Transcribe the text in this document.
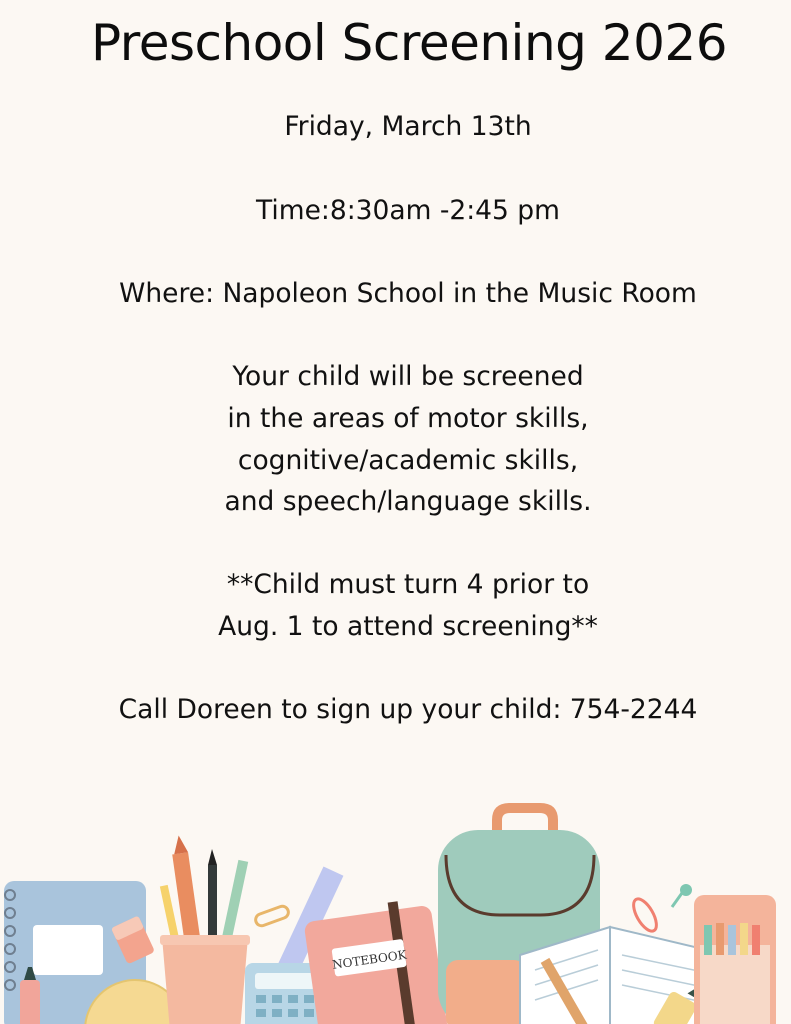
Preschool Screening 2026
Friday, March 13th
Time:8:30am -2:45 pm
Where: Napoleon School in the Music Room
Your child will be screened
in the areas of motor skills,
cognitive/academic skills,
and speech/language skills.
**Child must turn 4 prior to
Aug. 1 to attend screening**
Call Doreen to sign up your child: 754-2244
NOTEBOOK
